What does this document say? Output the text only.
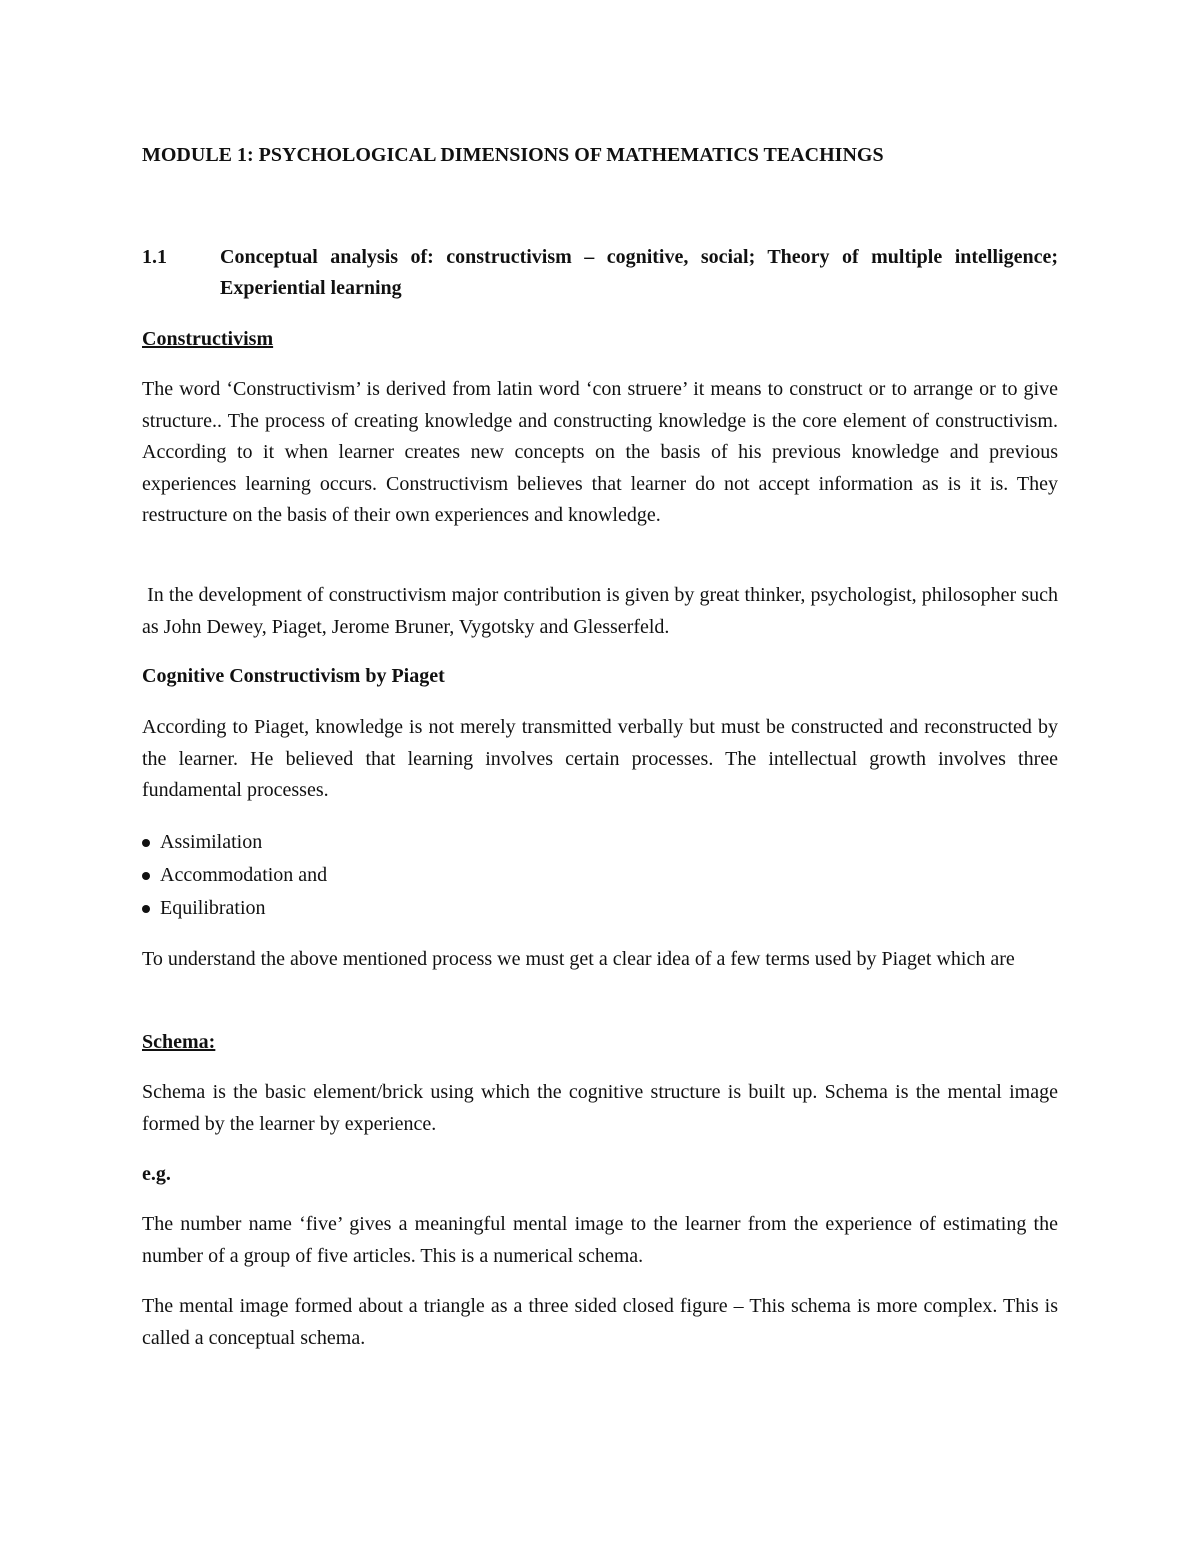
MODULE 1: PSYCHOLOGICAL DIMENSIONS OF MATHEMATICS TEACHINGS
1.1	Conceptual analysis of: constructivism – cognitive, social; Theory of multiple intelligence; Experiential learning
Constructivism
The word ‘Constructivism’ is derived from latin word ‘con struere’ it means to construct or to arrange or to give structure.. The process of creating knowledge and constructing knowledge is the core element of constructivism. According to it when learner creates new concepts on the basis of his previous knowledge and previous experiences learning occurs. Constructivism believes that learner do not accept information as is it is. They restructure on the basis of their own experiences and knowledge.
In the development of constructivism major contribution is given by great thinker, psychologist, philosopher such as John Dewey, Piaget, Jerome Bruner, Vygotsky and Glesserfeld.
Cognitive Constructivism by Piaget
According to Piaget, knowledge is not merely transmitted verbally but must be constructed and reconstructed by the learner. He believed that learning involves certain processes. The intellectual growth involves three fundamental processes.
Assimilation
Accommodation and
Equilibration
To understand the above mentioned process we must get a clear idea of a few terms used by Piaget which are
Schema:
Schema is the basic element/brick using which the cognitive structure is built up. Schema is the mental image formed by the learner by experience.
e.g.
The number name ‘five’ gives a meaningful mental image to the learner from the experience of estimating the number of a group of five articles. This is a numerical schema.
The mental image formed about a triangle as a three sided closed figure – This schema is more complex. This is called a conceptual schema.
